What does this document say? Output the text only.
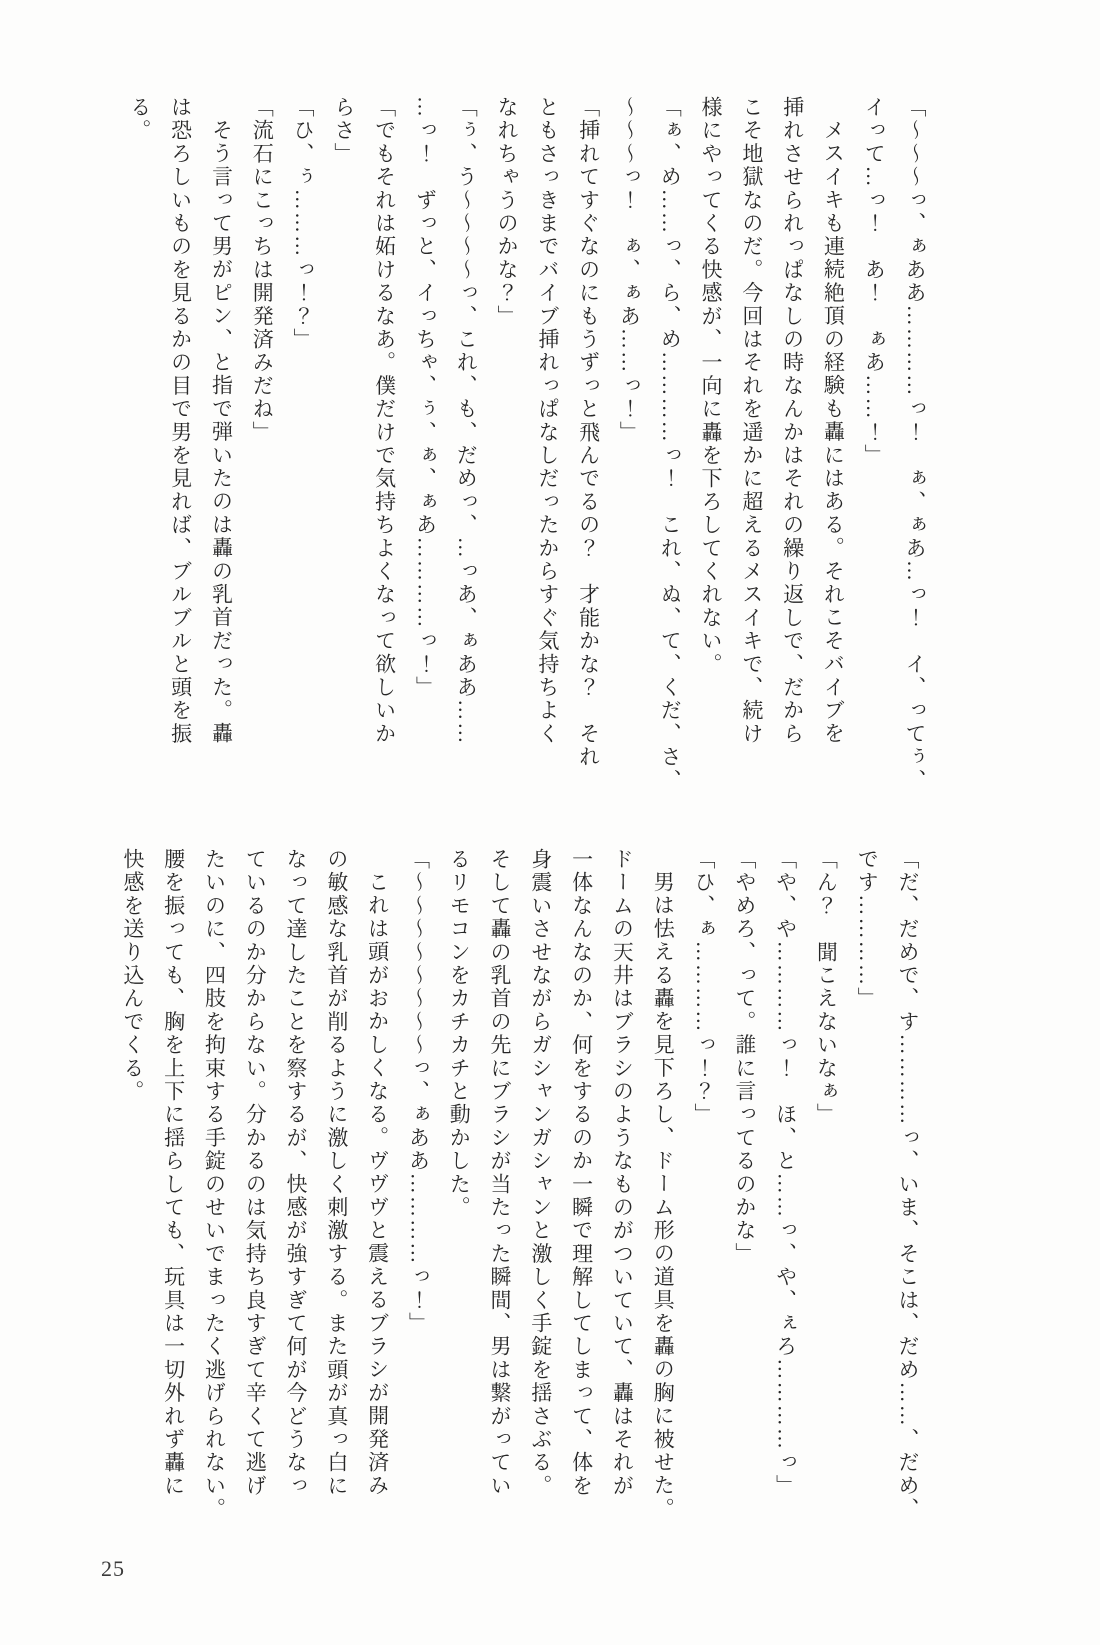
「〜〜〜っ、ぁああ…………っ！　ぁ、ぁあ…っ！　イ、ってぅ、
イって…っ！　あ！　ぁあ……！」
メスイキも連続絶頂の経験も轟にはある。それこそバイブを
挿れさせられっぱなしの時なんかはそれの繰り返しで、だから
こそ地獄なのだ。今回はそれを遥かに超えるメスイキで、続け
様にやってくる快感が、一向に轟を下ろしてくれない。
「ぁ、め……っ、ら、め…………っ！　これ、ぬ、て、くだ、さ、
〜〜〜っ！　ぁ、ぁあ……っ！」
「挿れてすぐなのにもうずっと飛んでるの？　才能かな？　それ
ともさっきまでバイブ挿れっぱなしだったからすぐ気持ちよく
なれちゃうのかな？」
「ぅ、う〜〜〜〜っ、これ、も、だめっ、…っあ、ぁああ……
…っ！　ずっと、イっちゃ、ぅ、ぁ、ぁあ…………っ！」
「でもそれは妬けるなあ。僕だけで気持ちよくなって欲しいか
らさ」
「ひ、ぅ………っ！？」
「流石にこっちは開発済みだね」
そう言って男がピン、と指で弾いたのは轟の乳首だった。轟
は恐ろしいものを見るかの目で男を見れば、ブルブルと頭を振
る。
「だ、だめで、す…………っ、いま、そこは、だめ……、だめ、
です…………」
「ん？　聞こえないなぁ」
「や、や…………っ！　ほ、と……っ、や、ぇろ…………っ」
「やめろ、って。誰に言ってるのかな」
「ひ、ぁ…………っ！？」
男は怯える轟を見下ろし、ドーム形の道具を轟の胸に被せた。
ドームの天井はブラシのようなものがついていて、轟はそれが
一体なんなのか、何をするのか一瞬で理解してしまって、体を
身震いさせながらガシャンガシャンと激しく手錠を揺さぶる。
そして轟の乳首の先にブラシが当たった瞬間、男は繋がってい
るリモコンをカチカチと動かした。
「〜〜〜〜〜〜〜〜っ、ぁああ…………っ！」
これは頭がおかしくなる。ヴヴヴと震えるブラシが開発済み
の敏感な乳首が削るように激しく刺激する。また頭が真っ白に
なって達したことを察するが、快感が強すぎて何が今どうなっ
ているのか分からない。分かるのは気持ち良すぎて辛くて逃げ
たいのに、四肢を拘束する手錠のせいでまったく逃げられない。
腰を振っても、胸を上下に揺らしても、玩具は一切外れず轟に
快感を送り込んでくる。
25
